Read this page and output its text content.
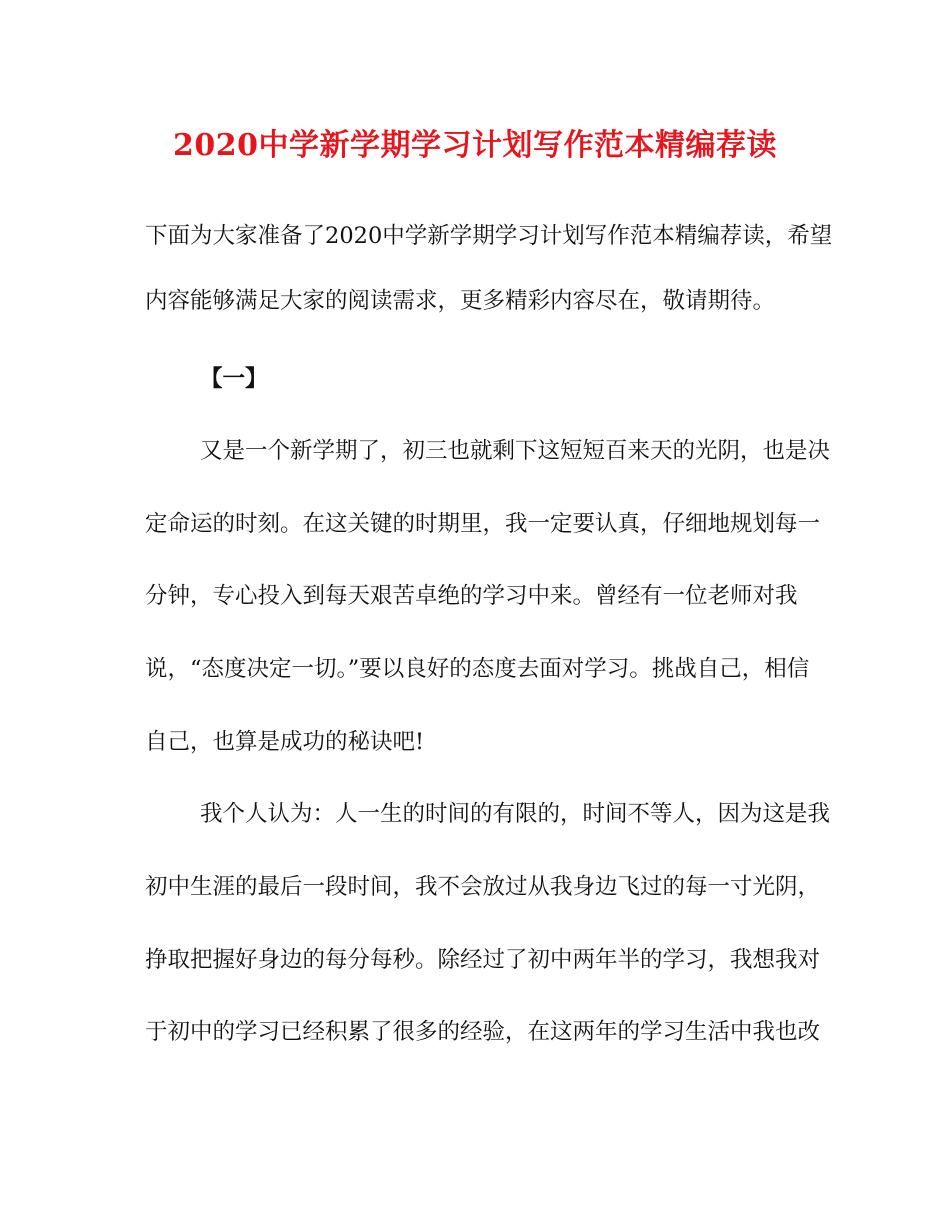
2020中学新学期学习计划写作范本精编荐读
下面为大家准备了2020中学新学期学习计划写作范本精编荐读，希望
内容能够满足大家的阅读需求，更多精彩内容尽在，敬请期待。
【一】
又是一个新学期了，初三也就剩下这短短百来天的光阴，也是决
定命运的时刻。在这关键的时期里，我一定要认真，仔细地规划每一
分钟，专心投入到每天艰苦卓绝的学习中来。曾经有一位老师对我
说，“态度决定一切。”要以良好的态度去面对学习。挑战自己，相信
自己，也算是成功的秘诀吧!
我个人认为：人一生的时间的有限的，时间不等人，因为这是我
初中生涯的最后一段时间，我不会放过从我身边飞过的每一寸光阴，
挣取把握好身边的每分每秒。除经过了初中两年半的学习，我想我对
于初中的学习已经积累了很多的经验，在这两年的学习生活中我也改
